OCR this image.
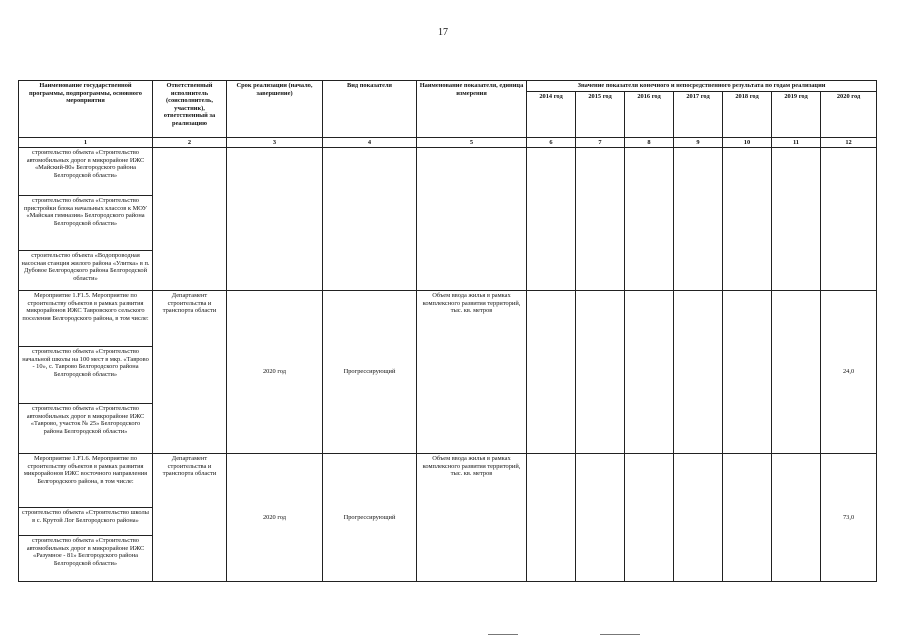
17
Наименование государственной программы, подпрограммы, основного мероприятия	Ответственный исполнитель (соисполнитель, участник), ответственный за реализацию	Срок реализации (начало, завершение)	Вид показателя	Наименование показателя, единица измерения	Значение показателя конечного и непосредственного результата по годам реализации						
					2014 год	2015 год	2016 год	2017 год	2018 год	2019 год	2020 год
1	2	3	4	5	6	7	8	9	10	11	12
строительство объекта «Строительство автомобильных дорог в микрорайоне ИЖС «Майский-80» Белгородского района Белгородской области»											
строительство объекта «Строительство пристройки блока начальных классов к МОУ «Майская гимназия» Белгородского района Белгородской области»											
строительство объекта «Водопроводная насосная станция жилого района «Улитка» в п. Дубовое Белгородского района Белгородской области»											
Мероприятие 1.F1.5. Мероприятие по строительству объектов в рамках развития микрорайонов ИЖС Тавровского сельского поселения Белгородского района, в том числе:	Департамент строительства и транспорта области	2020 год	Прогрессирующий	Объем ввода жилья в рамках комплексного развития территорий, тыс. кв. метров							24,0
строительство объекта «Строительство начальной школы на 100 мест в мкр. «Таврово - 10», с. Таврово Белгородского района Белгородской области»											
строительство объекта «Строительство автомобильных дорог в микрорайоне ИЖС «Таврово, участок № 25» Белгородского района Белгородской области»											
Мероприятие 1.F1.6. Мероприятие по строительству объектов в рамках развития микрорайонов ИЖС восточного направления Белгородского района, в том числе:	Департамент строительства и транспорта области	2020 год	Прогрессирующий	Объем ввода жилья в рамках комплексного развития территорий, тыс. кв. метров							73,0
строительство объекта «Строительство школы в с. Крутой Лог Белгородского района»											
строительство объекта «Строительство автомобильных дорог в микрорайоне ИЖС «Разумное - 81» Белгородского района Белгородской области»											
